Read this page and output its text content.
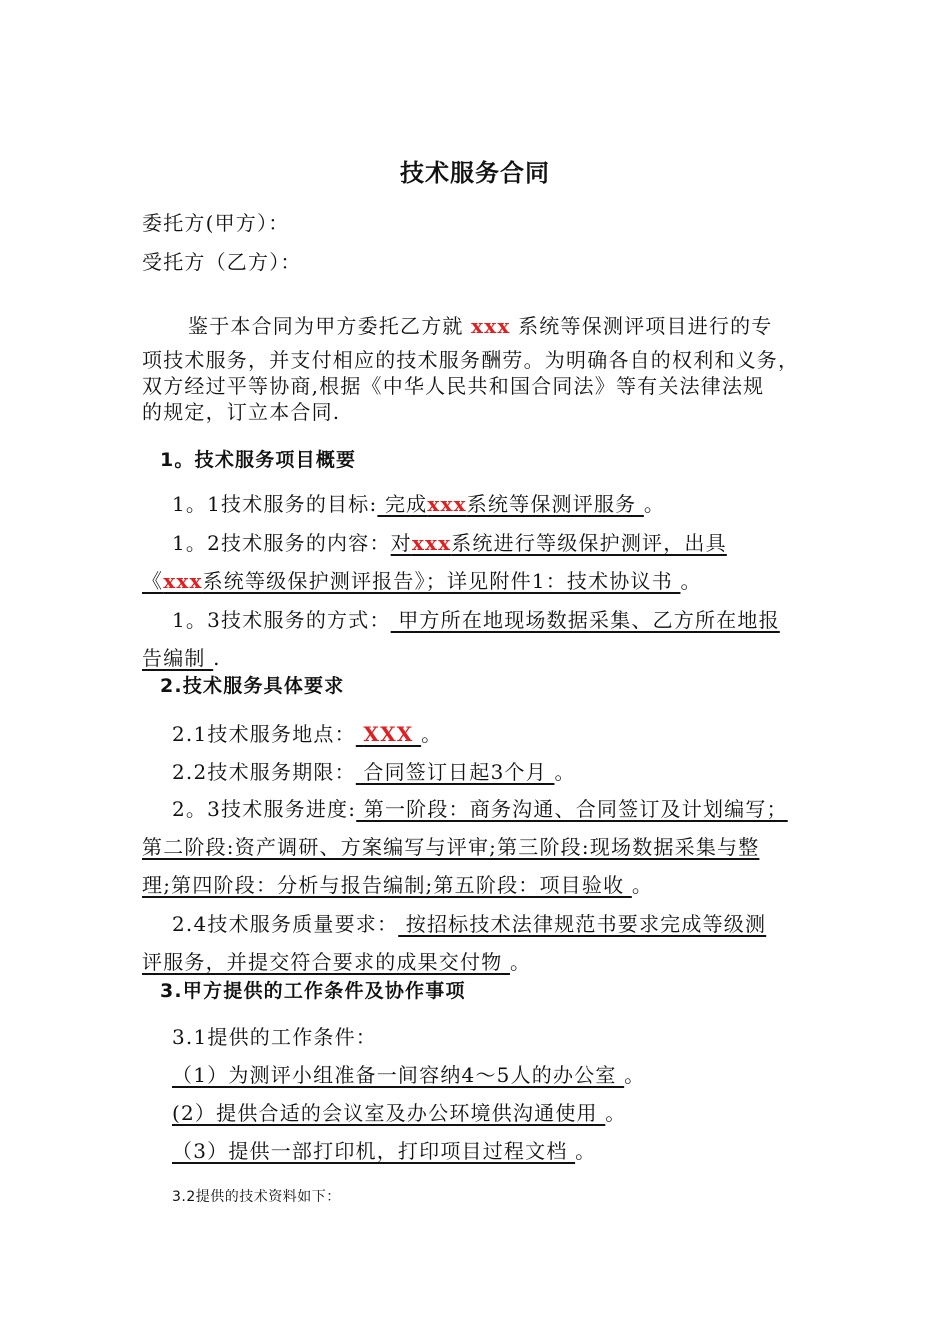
技术服务合同
委托方(甲方）：
受托方（乙方）：
鉴于本合同为甲方委托乙方就 xxx 系统等保测评项目进行的专
项技术服务，并支付相应的技术服务酬劳。为明确各自的权利和义务，
双方经过平等协商,根据《中华人民共和国合同法》等有关法律法规
的规定，订立本合同.
1。技术服务项目概要
1。1技术服务的目标: 完成xxx系统等保测评服务 。
1。2技术服务的内容：对xxx系统进行等级保护测评，出具
《xxx系统等级保护测评报告》；详见附件1：技术协议书 。
1。3技术服务的方式： 甲方所在地现场数据采集、乙方所在地报
告编制 .
2.技术服务具体要求
2.1技术服务地点： XXX 。
2.2技术服务期限： 合同签订日起3个月 。
2。3技术服务进度: 第一阶段：商务沟通、合同签订及计划编写；
第二阶段:资产调研、方案编写与评审;第三阶段:现场数据采集与整
理;第四阶段：分析与报告编制;第五阶段：项目验收 。
2.4技术服务质量要求： 按招标技术法律规范书要求完成等级测
评服务，并提交符合要求的成果交付物 。
3.甲方提供的工作条件及协作事项
3.1提供的工作条件：
（1）为测评小组准备一间容纳4～5人的办公室 。
(2）提供合适的会议室及办公环境供沟通使用 。
（3）提供一部打印机，打印项目过程文档 。
3.2提供的技术资料如下：
